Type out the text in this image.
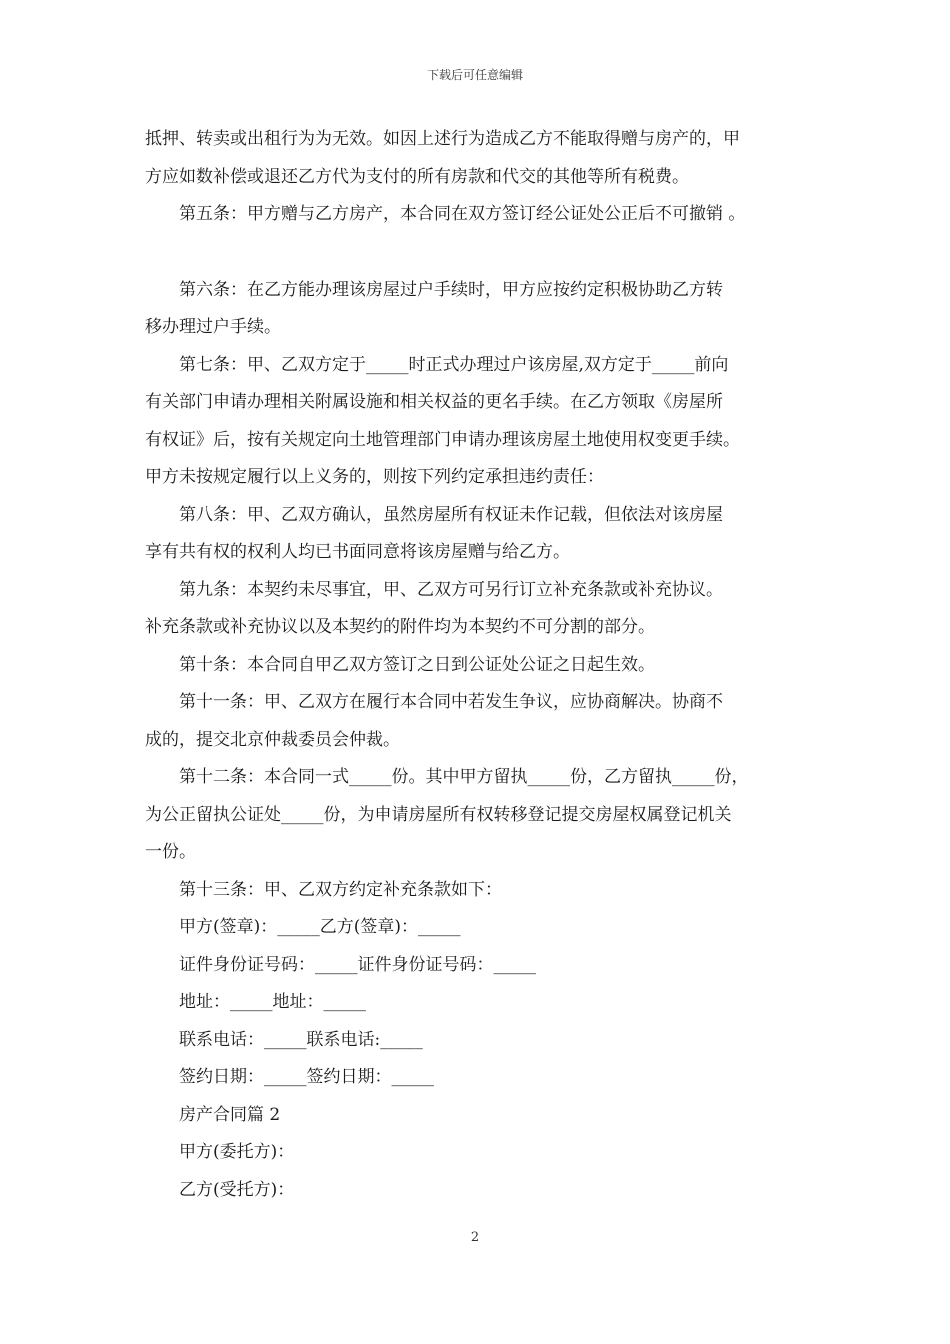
下载后可任意编辑
抵押、转卖或出租行为为无效。如因上述行为造成乙方不能取得赠与房产的，甲
方应如数补偿或退还乙方代为支付的所有房款和代交的其他等所有税费。
　　第五条：甲方赠与乙方房产，本合同在双方签订经公证处公正后不可撤销 。
　　第六条：在乙方能办理该房屋过户手续时，甲方应按约定积极协助乙方转
移办理过户手续。
　　第七条：甲、乙双方定于_____时正式办理过户该房屋,双方定于_____前向
有关部门申请办理相关附属设施和相关权益的更名手续。在乙方领取《房屋所
有权证》后，按有关规定向土地管理部门申请办理该房屋土地使用权变更手续。
甲方未按规定履行以上义务的，则按下列约定承担违约责任：
　　第八条：甲、乙双方确认，虽然房屋所有权证未作记载，但依法对该房屋
享有共有权的权利人均已书面同意将该房屋赠与给乙方。
　　第九条：本契约未尽事宜，甲、乙双方可另行订立补充条款或补充协议。
补充条款或补充协议以及本契约的附件均为本契约不可分割的部分。
　　第十条：本合同自甲乙双方签订之日到公证处公证之日起生效。
　　第十一条：甲、乙双方在履行本合同中若发生争议，应协商解决。协商不
成的，提交北京仲裁委员会仲裁。
　　第十二条：本合同一式_____份。其中甲方留执_____份，乙方留执_____份，
为公正留执公证处_____份，为申请房屋所有权转移登记提交房屋权属登记机关
一份。
　　第十三条：甲、乙双方约定补充条款如下：
　　甲方(签章)：_____乙方(签章)：_____
　　证件身份证号码：_____证件身份证号码：_____
　　地址：_____地址：_____
　　联系电话：_____联系电话:_____
　　签约日期：_____签约日期：_____
　　房产合同篇 2
　　甲方(委托方)：
　　乙方(受托方)：
2
